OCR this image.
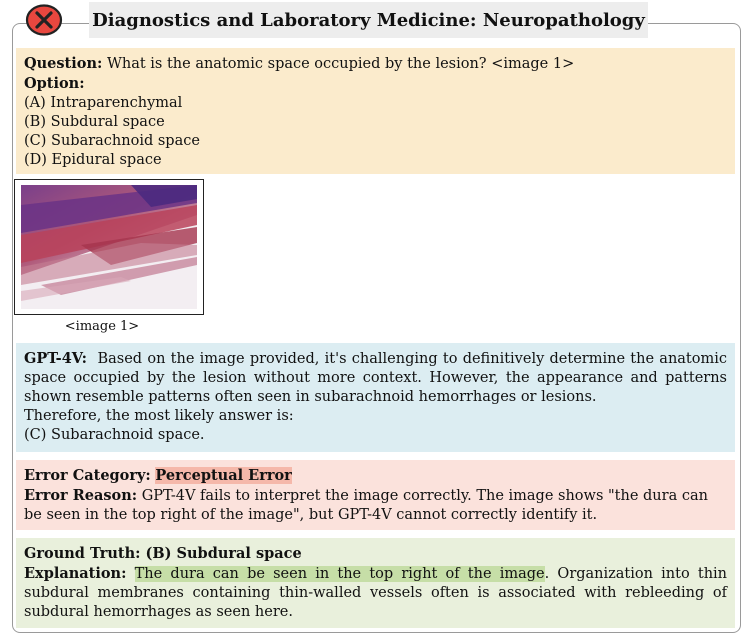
Diagnostics and Laboratory Medicine: Neuropathology
Question: What is the anatomic space occupied by the lesion? <image 1>
Option:
(A) Intraparenchymal
(B) Subdural space
(C) Subarachnoid space
(D) Epidural space
<image 1>
GPT-4V: Based on the image provided, it's challenging to definitively determine the anatomic space occupied by the lesion without more context. However, the appearance and patterns shown resemble patterns often seen in subarachnoid hemorrhages or lesions.
Therefore, the most likely answer is:
(C) Subarachnoid space.
Error Category: Perceptual Error
Error Reason: GPT-4V fails to interpret the image correctly. The image shows "the dura can be seen in the top right of the image", but GPT-4V cannot correctly identify it.
Ground Truth: (B) Subdural space
Explanation: The dura can be seen in the top right of the image. Organization into thin subdural membranes containing thin-walled vessels often is associated with rebleeding of subdural hemorrhages as seen here.
